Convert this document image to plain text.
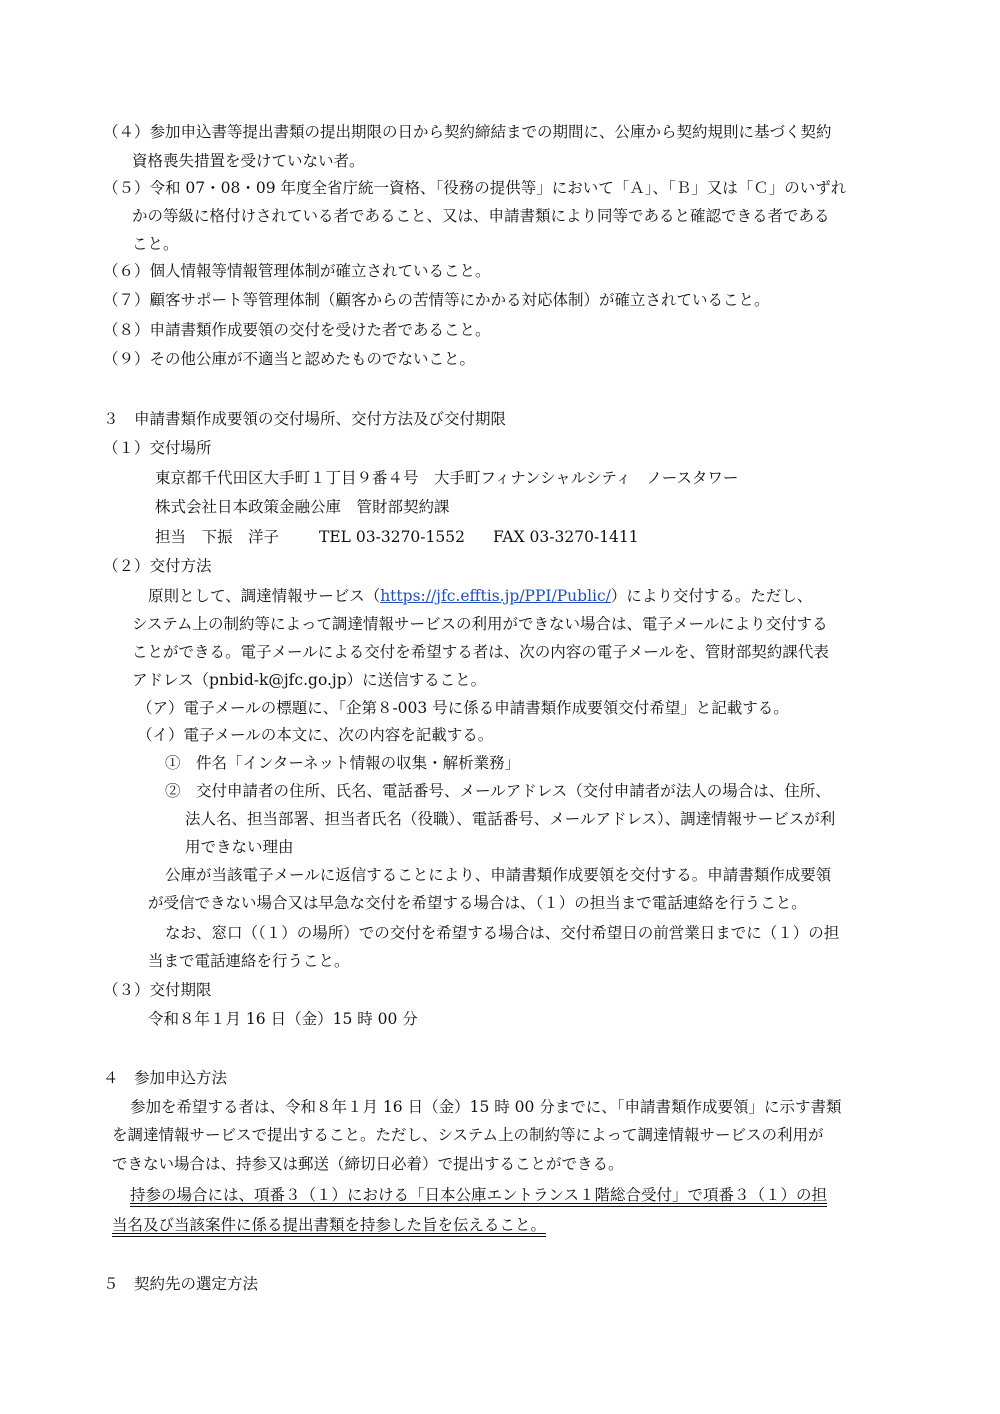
（４）参加申込書等提出書類の提出期限の日から契約締結までの期間に、公庫から契約規則に基づく契約
資格喪失措置を受けていない者。
（５）令和 07・08・09 年度全省庁統一資格、「役務の提供等」において「Ａ」、「Ｂ」又は「Ｃ」のいずれ
かの等級に格付けされている者であること、又は、申請書類により同等であると確認できる者である
こと。
（６）個人情報等情報管理体制が確立されていること。
（７）顧客サポート等管理体制（顧客からの苦情等にかかる対応体制）が確立されていること。
（８）申請書類作成要領の交付を受けた者であること。
（９）その他公庫が不適当と認めたものでないこと。
３　申請書類作成要領の交付場所、交付方法及び交付期限
（１）交付場所
東京都千代田区大手町１丁目９番４号　大手町フィナンシャルシティ　ノースタワー
株式会社日本政策金融公庫　管財部契約課
担当　下振　洋子	TEL 03-3270-1552 FAX 03-3270-1411
（２）交付方法
原則として、調達情報サービス（https://jfc.efftis.jp/PPI/Public/）により交付する。ただし、
システム上の制約等によって調達情報サービスの利用ができない場合は、電子メールにより交付する
ことができる。電子メールによる交付を希望する者は、次の内容の電子メールを、管財部契約課代表
アドレス（pnbid-k@jfc.go.jp）に送信すること。
（ア）電子メールの標題に、「企第８-003 号に係る申請書類作成要領交付希望」と記載する。
（イ）電子メールの本文に、次の内容を記載する。
①　件名「インターネット情報の収集・解析業務」
②　交付申請者の住所、氏名、電話番号、メールアドレス（交付申請者が法人の場合は、住所、
法人名、担当部署、担当者氏名（役職）、電話番号、メールアドレス）、調達情報サービスが利
用できない理由
公庫が当該電子メールに返信することにより、申請書類作成要領を交付する。申請書類作成要領
が受信できない場合又は早急な交付を希望する場合は、（１）の担当まで電話連絡を行うこと。
なお、窓口（（１）の場所）での交付を希望する場合は、交付希望日の前営業日までに（１）の担
当まで電話連絡を行うこと。
（３）交付期限
令和８年１月 16 日（金）15 時 00 分
４　参加申込方法
参加を希望する者は、令和８年１月 16 日（金）15 時 00 分までに、「申請書類作成要領」に示す書類
を調達情報サービスで提出すること。ただし、システム上の制約等によって調達情報サービスの利用が
できない場合は、持参又は郵送（締切日必着）で提出することができる。
持参の場合には、項番３（１）における「日本公庫エントランス１階総合受付」で項番３（１）の担
当名及び当該案件に係る提出書類を持参した旨を伝えること。
５　契約先の選定方法
